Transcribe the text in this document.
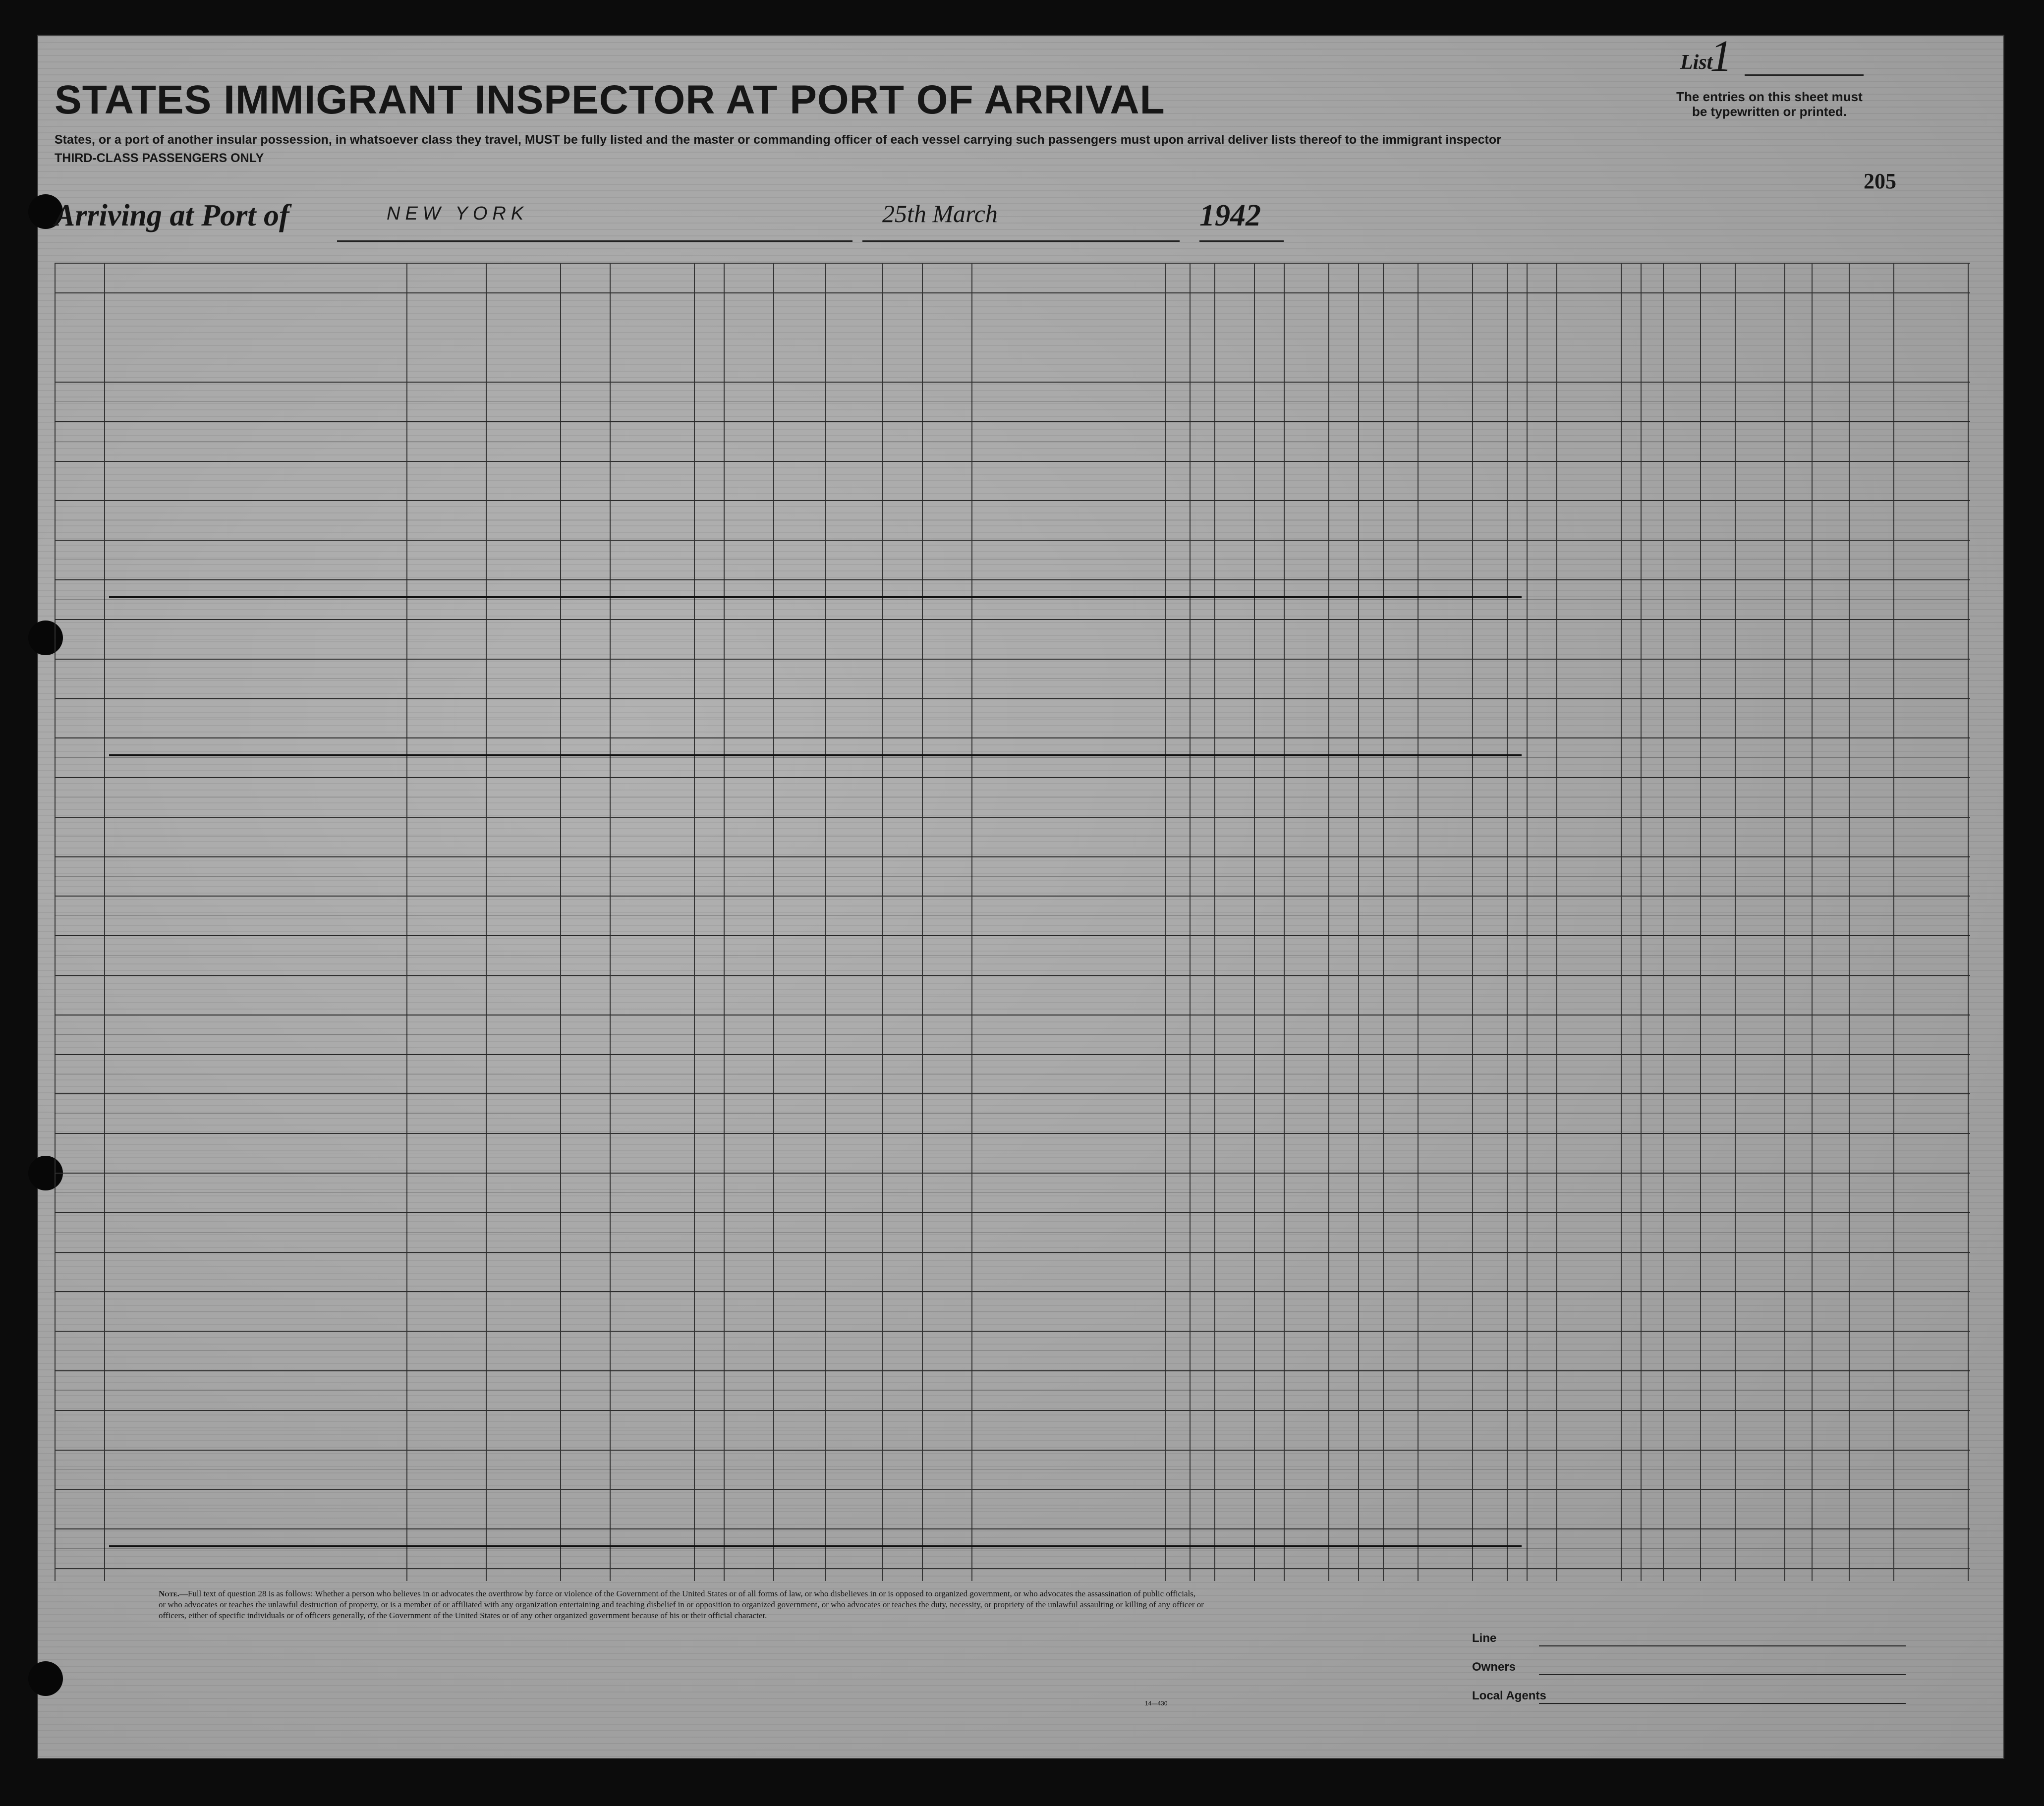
STATES IMMIGRANT INSPECTOR AT PORT OF ARRIVAL
States, or a port of another insular possession, in whatsoever class they travel, MUST be fully listed and the master or commanding officer of each vessel carrying such passengers must upon arrival deliver lists thereof to the immigrant inspector
THIRD-CLASS PASSENGERS ONLY
List
1
The entries on this sheet must be typewritten or printed.
205
Arriving at Port of	NEW YORK	25th March	1942
Note.—Full text of question 28 is as follows: Whether a person who believes in or advocates the overthrow by force or violence of the Government of the United States or of all forms of law, or who disbelieves in or is opposed to organized government, or who advocates the assassination of public officials, or who advocates or teaches the unlawful destruction of property, or is a member of or affiliated with any organization entertaining and teaching disbelief in or opposition to organized government, or who advocates or teaches the duty, necessity, or propriety of the unlawful assaulting or killing of any officer or officers, either of specific individuals or of officers generally, of the Government of the United States or of any other organized government because of his or their official character.
Line
Owners
Local Agents
14—430
